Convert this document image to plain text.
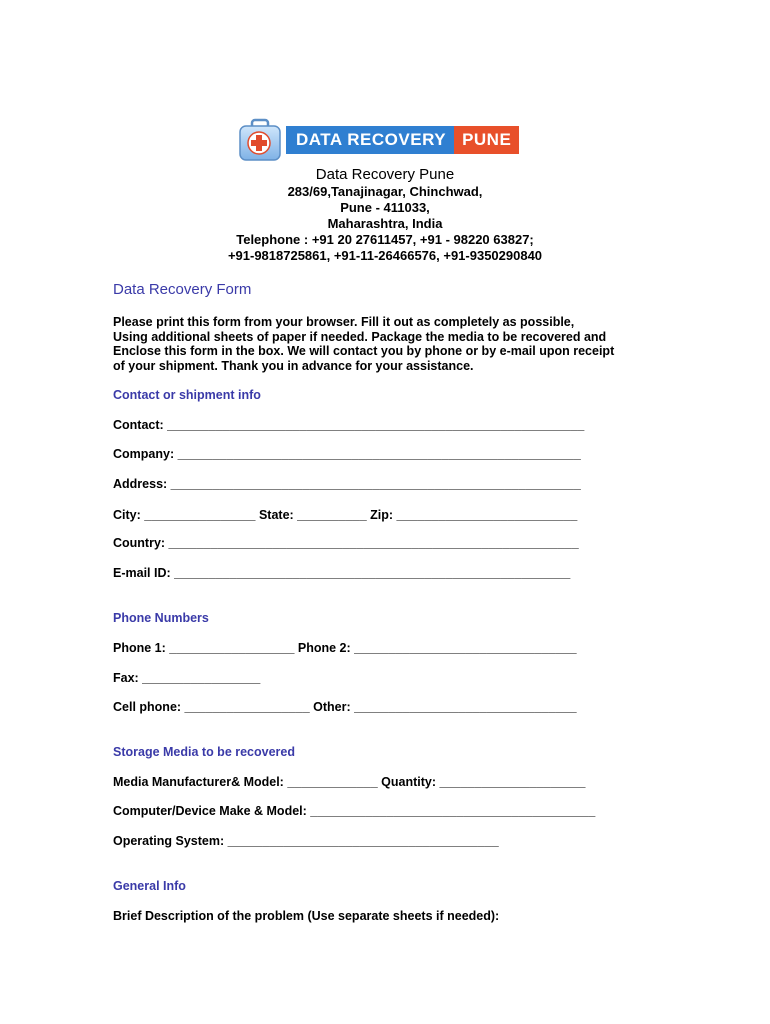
DATA RECOVERY PUNE
Data Recovery Pune
283/69,Tanajinagar, Chinchwad,
Pune - 411033,
Maharashtra, India
Telephone : +91 20 27611457, +91 - 98220 63827;
+91-9818725861, +91-11-26466576, +91-9350290840
Data Recovery Form
Please print this form from your browser. Fill it out as completely as possible,
Using additional sheets of paper if needed. Package the media to be recovered and
Enclose this form in the box. We will contact you by phone or by e-mail upon receipt
of your shipment. Thank you in advance for your assistance.
Contact or shipment info
Contact: ____________________________________________________________
Company: __________________________________________________________
Address: ___________________________________________________________
City: ________________ State: __________ Zip: __________________________
Country: ___________________________________________________________
E-mail ID: _________________________________________________________
Phone Numbers
Phone 1: __________________ Phone 2: ________________________________
Fax: _________________
Cell phone: __________________ Other: ________________________________
Storage Media to be recovered
Media Manufacturer& Model: _____________ Quantity: _____________________
Computer/Device Make & Model: _________________________________________
Operating System: _______________________________________
General Info
Brief Description of the problem (Use separate sheets if needed):
